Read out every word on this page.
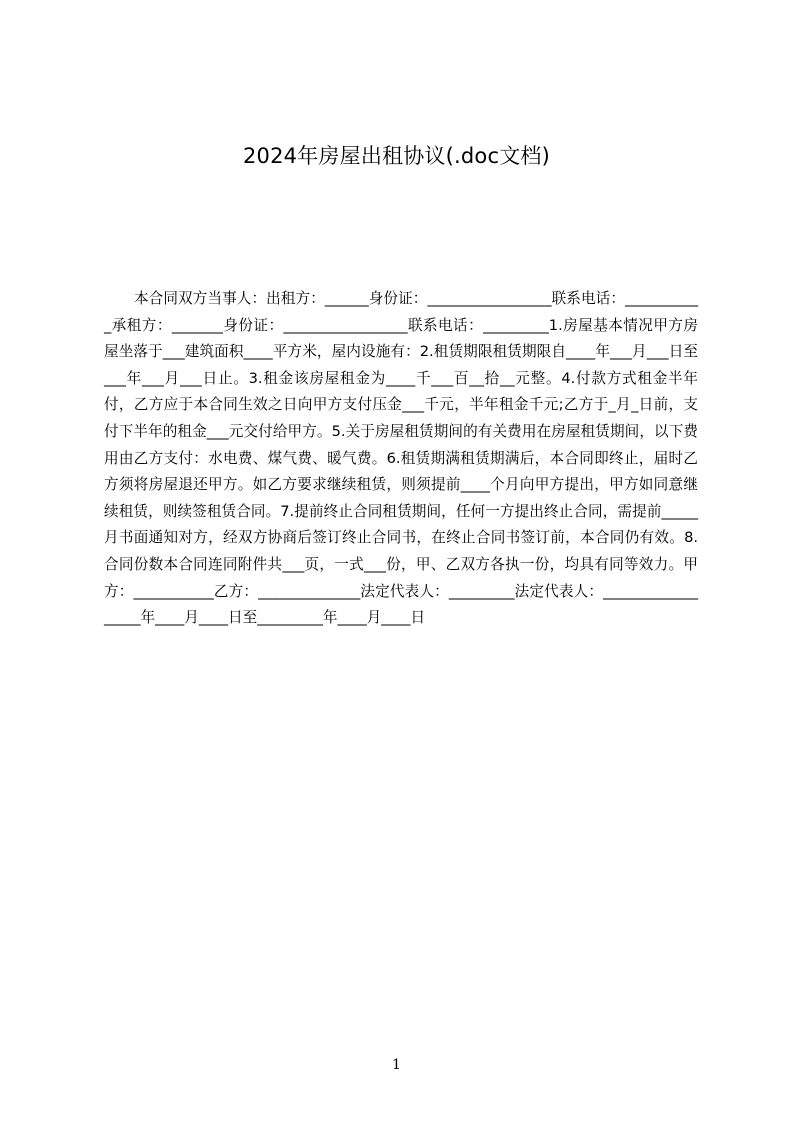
2024年房屋出租协议(.doc文档)

本合同双方当事人：出租方：______身份证：_________________联系电话：___________承租方：_______身份证：_________________联系电话：_________1.房屋基本情况甲方房屋坐落于___建筑面积____平方米，屋内设施有：2.租赁期限租赁期限自____年___月___日至___年___月___日止。3.租金该房屋租金为____千___百__拾__元整。4.付款方式租金半年付，乙方应于本合同生效之日向甲方支付压金___千元，半年租金千元;乙方于_月_日前，支付下半年的租金___元交付给甲方。5.关于房屋租赁期间的有关费用在房屋租赁期间，以下费用由乙方支付：水电费、煤气费、暖气费。6.租赁期满租赁期满后，本合同即终止，届时乙方须将房屋退还甲方。如乙方要求继续租赁，则须提前____个月向甲方提出，甲方如同意继续租赁，则续签租赁合同。7.提前终止合同租赁期间，任何一方提出终止合同，需提前_____月书面通知对方，经双方协商后签订终止合同书，在终止合同书签订前，本合同仍有效。8.合同份数本合同连同附件共___页，一式___份，甲、乙双方各执一份，均具有同等效力。甲方：___________乙方：______________法定代表人：_________法定代表人：__________________年____月____日至_________年____月____日

1
